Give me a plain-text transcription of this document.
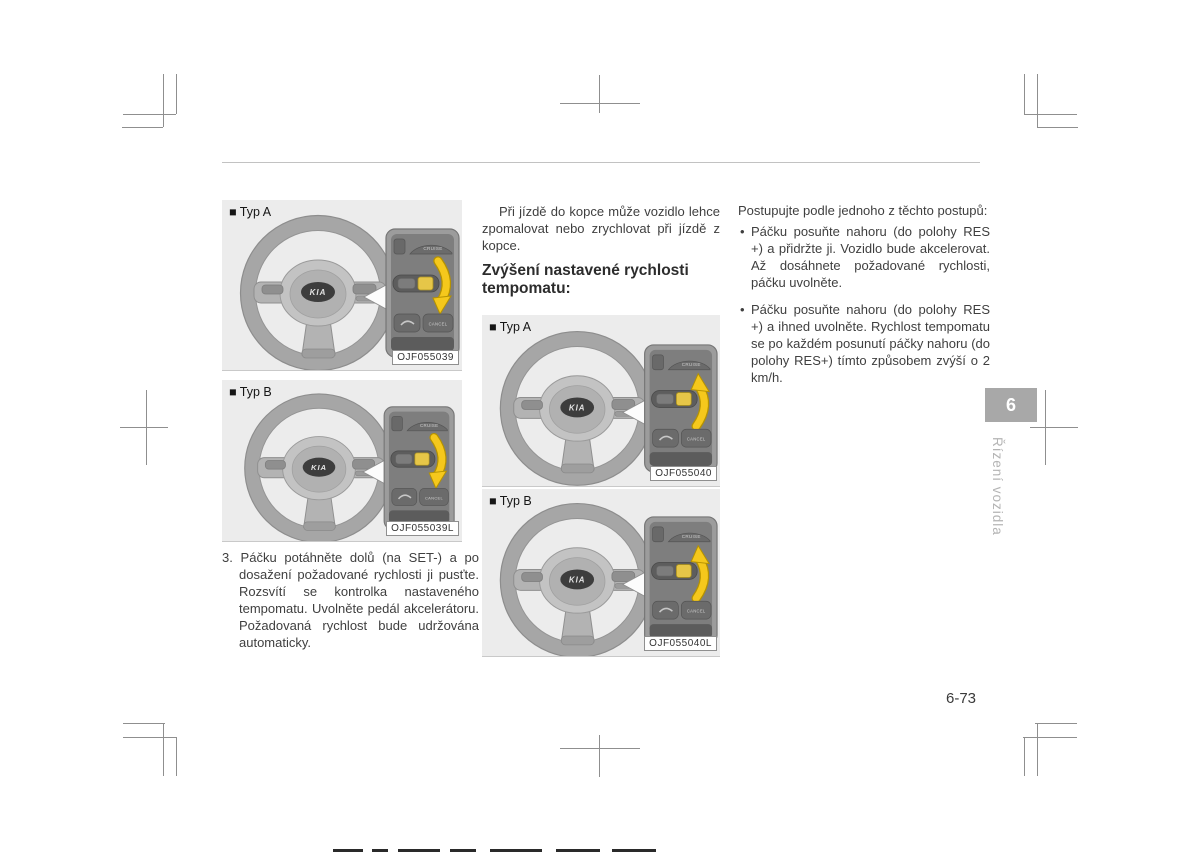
■ Typ A
KIA
CRUISE
CANCEL
OJF055039
■ Typ B
KIA
CRUISE
CANCEL
OJF055039L

3. Páčku potáhněte dolů (na SET-) a po dosažení požadované rychlosti ji pusťte. Rozsvítí se kontrolka nastaveného tempomatu. Uvolněte pedál akcelerátoru. Požadovaná rychlost bude udržována automaticky.

Při jízdě do kopce může vozidlo lehce zpomalovat nebo zrychlovat při jízdě z kopce.

Zvýšení nastavené rychlosti tempomatu:
■ Typ A
KIA
CRUISE
CANCEL
OJF055040
■ Typ B
KIA
CRUISE
CANCEL
OJF055040L

Postupujte podle jednoho z těchto postupů:

• Páčku posuňte nahoru (do polohy RES +) a přidržte ji. Vozidlo bude akcelerovat. Až dosáhnete požadované rychlosti, páčku uvolněte.
• Páčku posuňte nahoru (do polohy RES +) a ihned uvolněte. Rychlost tempomatu se po každém posunutí páčky nahoru (do polohy RES+) tímto způsobem zvýší o 2 km/h.
6
Řízení vozidla
6-73
